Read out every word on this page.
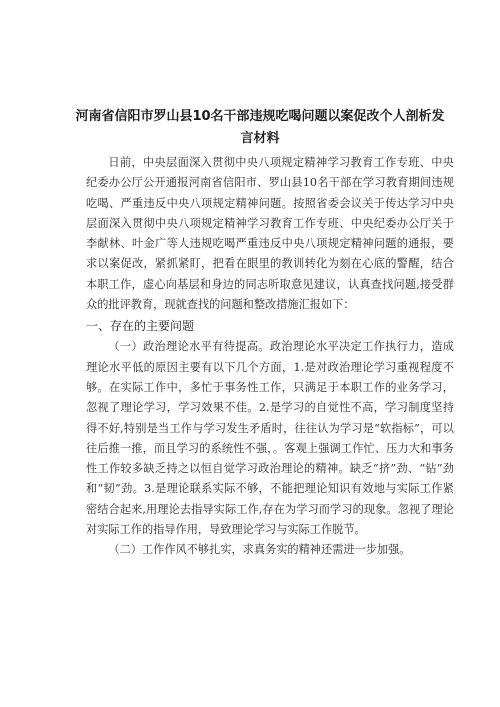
河南省信阳市罗山县10名干部违规吃喝问题以案促改个人剖析发
言材料

日前，中央层面深入贯彻中央八项规定精神学习教育工作专班、中央纪委办公厅公开通报河南省信阳市、罗山县10名干部在学习教育期间违规吃喝、严重违反中央八项规定精神问题。按照省委会议关于传达学习中央层面深入贯彻中央八项规定精神学习教育工作专班、中央纪委办公厅关于李献林、叶金广等人违规吃喝严重违反中央八项规定精神问题的通报，要求以案促改，紧抓紧盯，把看在眼里的教训转化为刻在心底的警醒，结合本职工作，虚心向基层和身边的同志听取意见建议，认真查找问题,接受群众的批评教育，现就查找的问题和整改措施汇报如下：

一、存在的主要问题

（一）政治理论水平有待提高。政治理论水平决定工作执行力，造成理论水平低的原因主要有以下几个方面，1.是对政治理论学习重视程度不够。在实际工作中，多忙于事务性工作，只满足于本职工作的业务学习，忽视了理论学习，学习效果不佳。2.是学习的自觉性不高，学习制度坚持得不好,特别是当工作与学习发生矛盾时，往往认为学习是“软指标”，可以往后推一推，而且学习的系统性不强，。客观上强调工作忙、压力大和事务性工作较多缺乏持之以恒自觉学习政治理论的精神。缺乏“挤”劲、“钻”劲和“韧”劲。3.是理论联系实际不够，不能把理论知识有效地与实际工作紧密结合起来,用理论去指导实际工作,存在为学习而学习的现象。忽视了理论对实际工作的指导作用，导致理论学习与实际工作脱节。

（二）工作作风不够扎实，求真务实的精神还需进一步加强。
